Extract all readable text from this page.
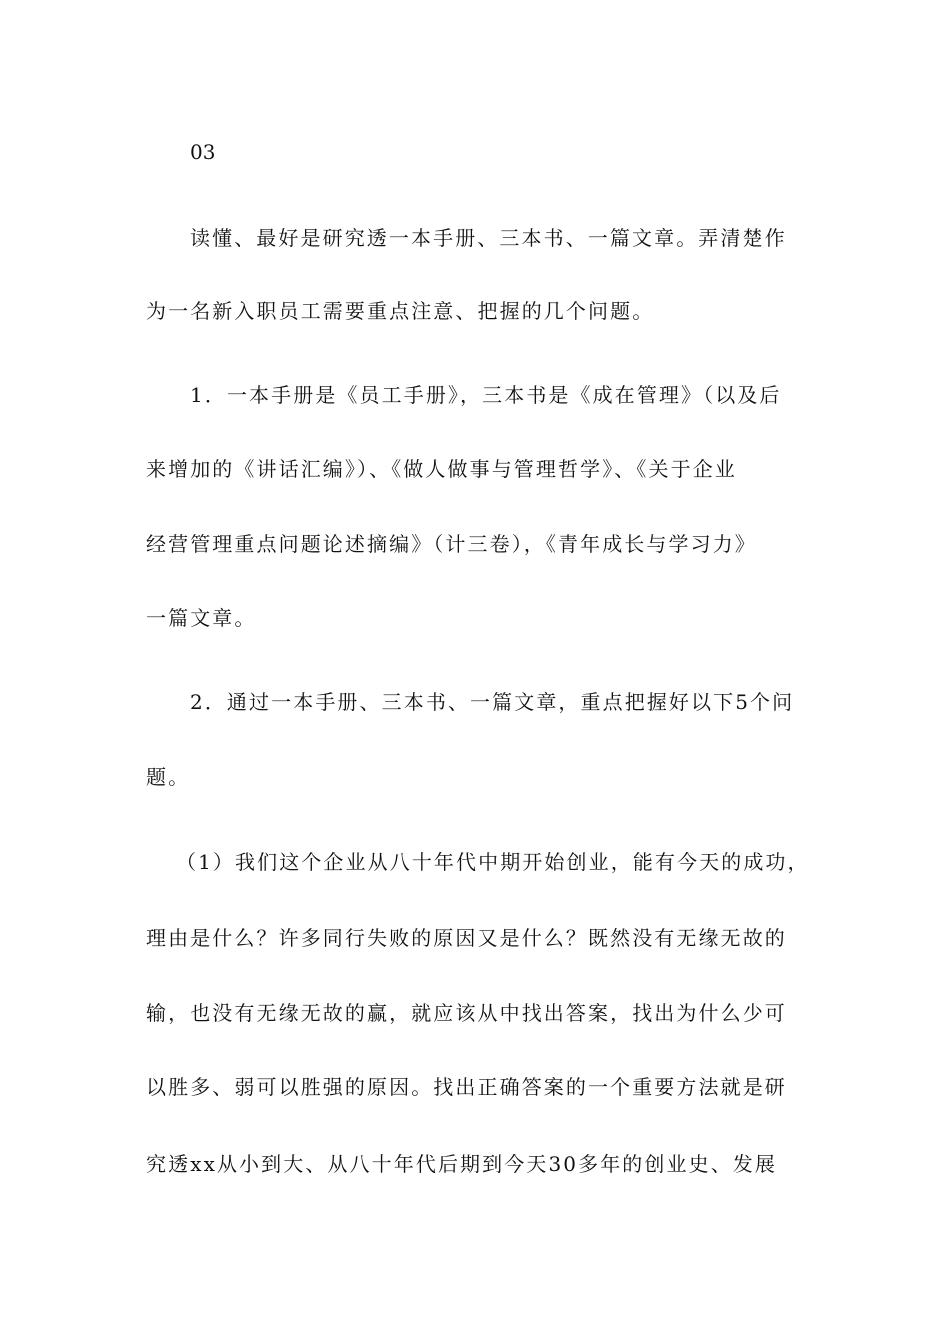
03

读懂、最好是研究透一本手册、三本书、一篇文章。弄清楚作

为一名新入职员工需要重点注意、把握的几个问题。

1．一本手册是《员工手册》，三本书是《成在管理》（以及后

来增加的《讲话汇编》）、《做人做事与管理哲学》、《关于企业

经营管理重点问题论述摘编》（计三卷），《青年成长与学习力》

一篇文章。

2．通过一本手册、三本书、一篇文章，重点把握好以下5个问

题。

（1）我们这个企业从八十年代中期开始创业，能有今天的成功，

理由是什么？许多同行失败的原因又是什么？既然没有无缘无故的

输，也没有无缘无故的赢，就应该从中找出答案，找出为什么少可

以胜多、弱可以胜强的原因。找出正确答案的一个重要方法就是研

究透xx从小到大、从八十年代后期到今天30多年的创业史、发展
